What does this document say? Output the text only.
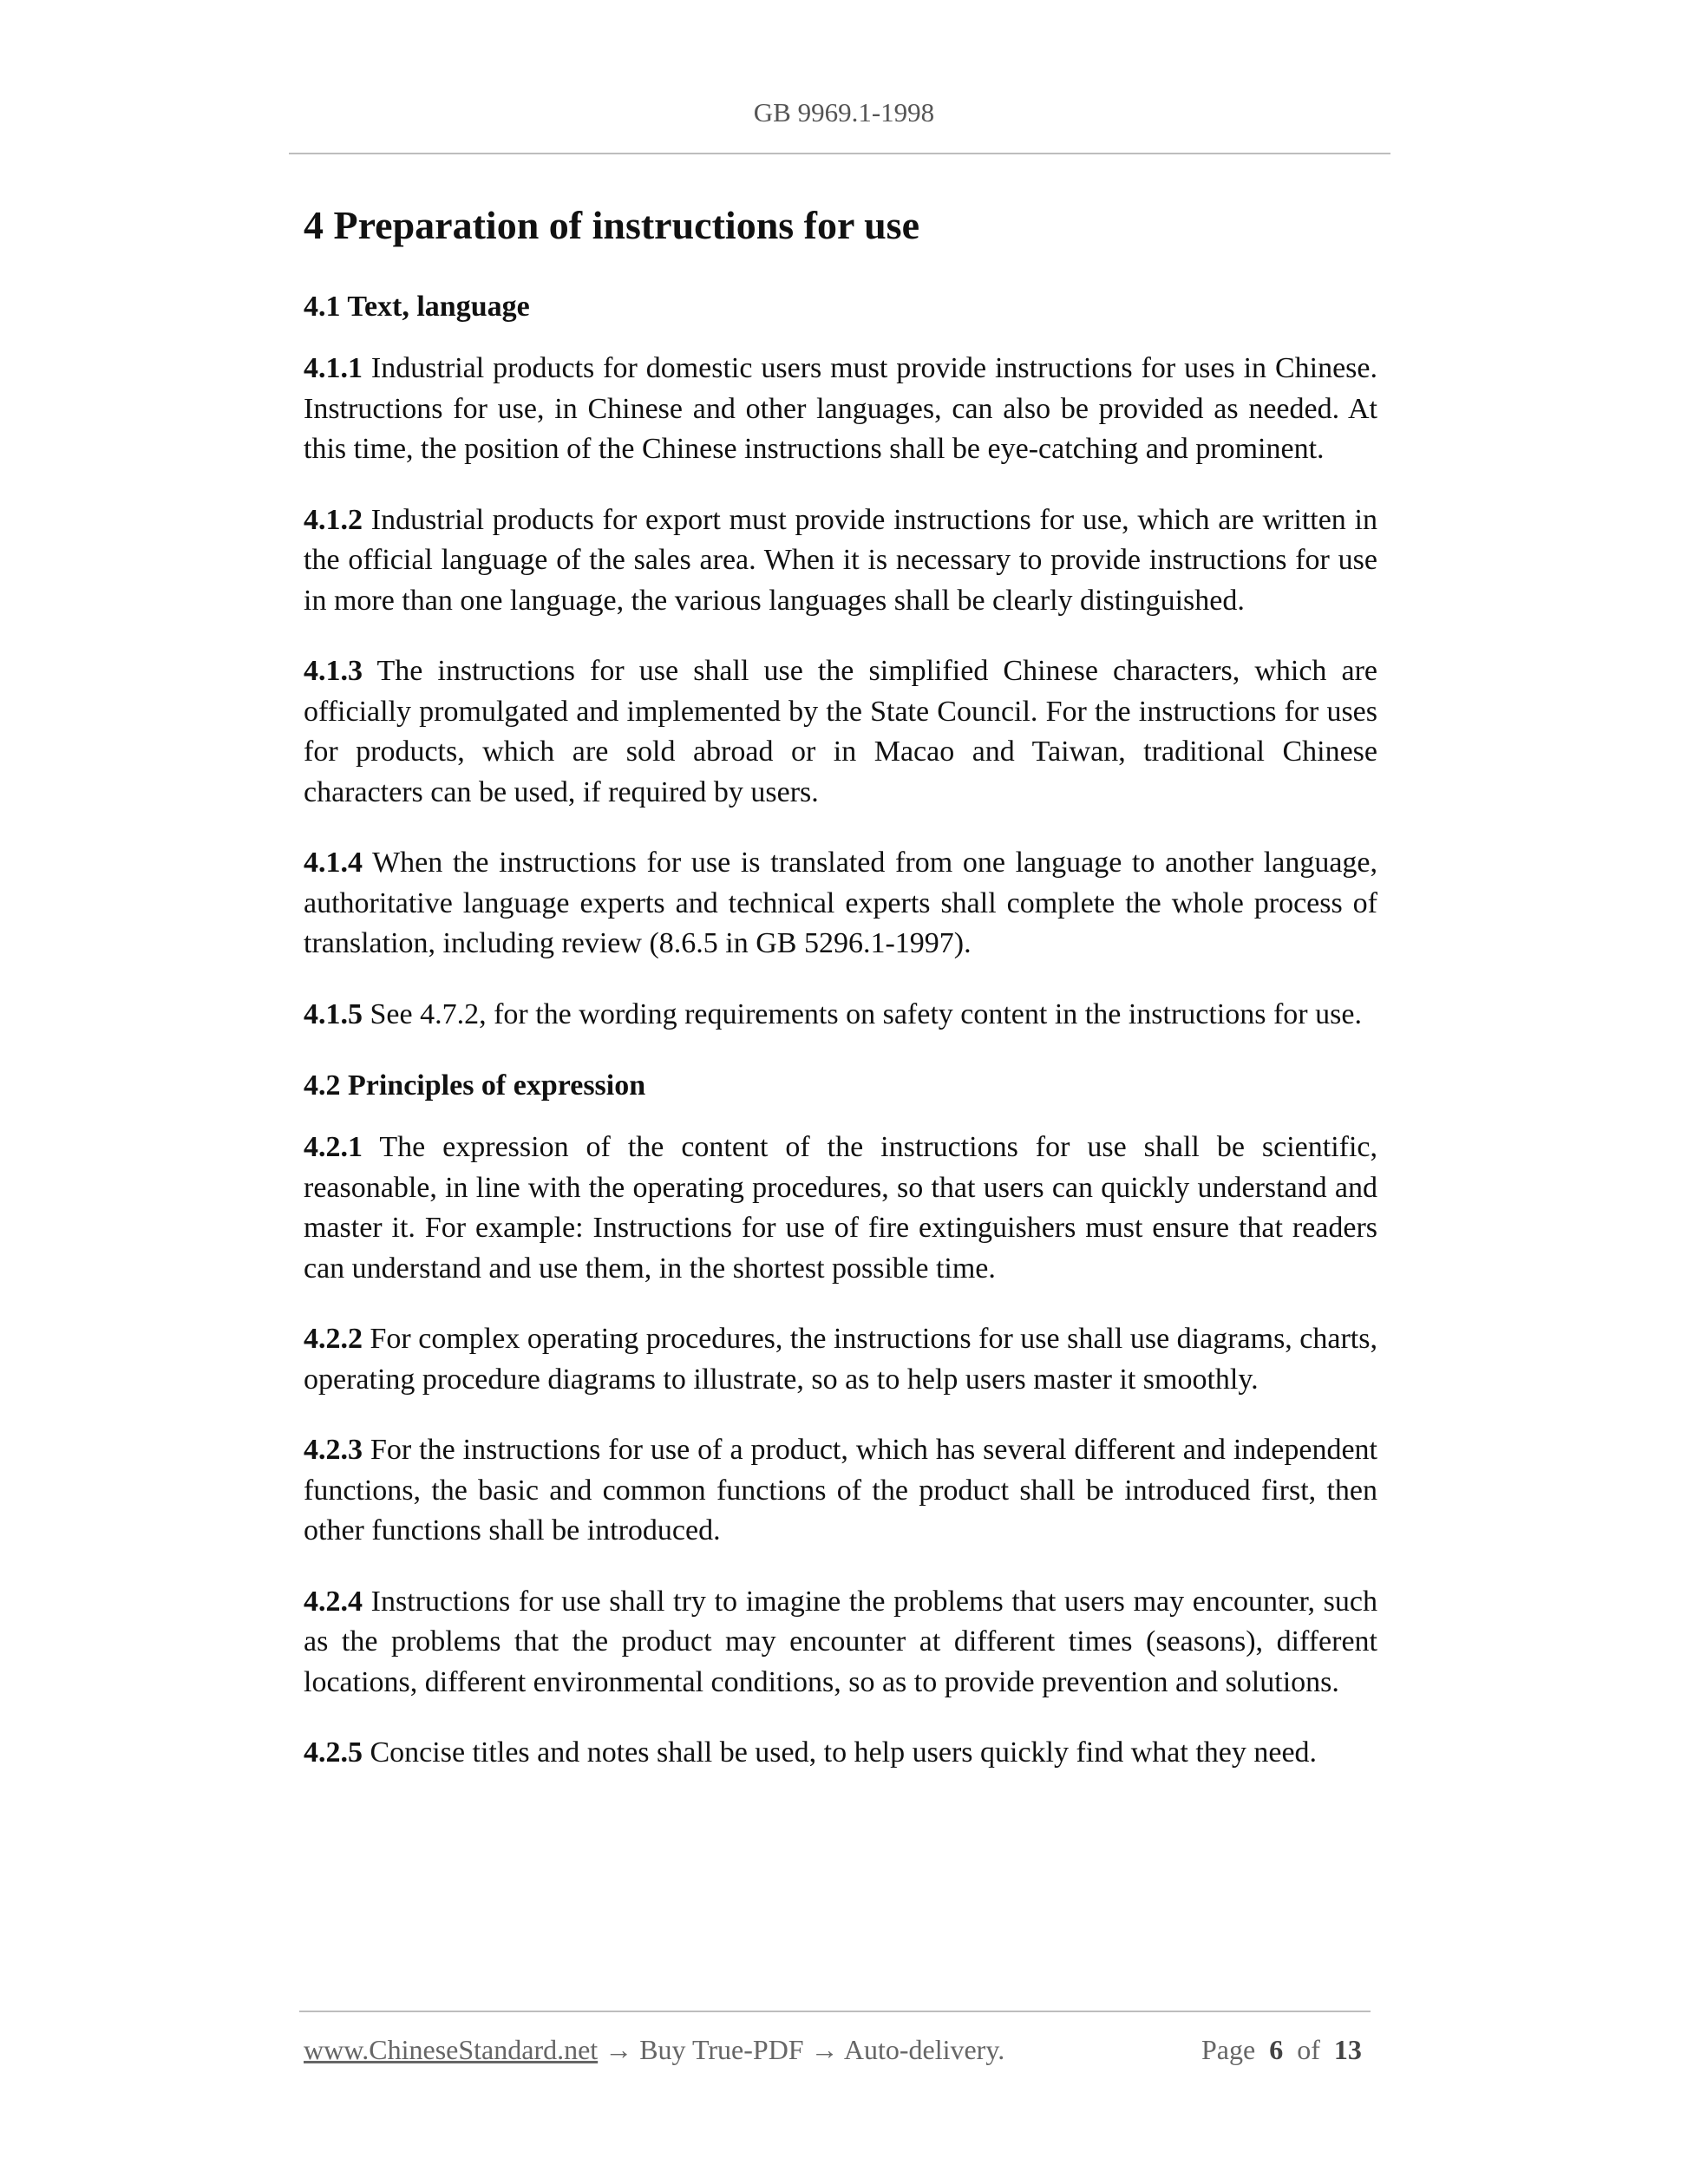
GB 9969.1-1998
4 Preparation of instructions for use
4.1 Text, language

4.1.1 Industrial products for domestic users must provide instructions for uses in Chinese. Instructions for use, in Chinese and other languages, can also be provided as needed. At this time, the position of the Chinese instructions shall be eye-catching and prominent.

4.1.2 Industrial products for export must provide instructions for use, which are written in the official language of the sales area. When it is necessary to provide instructions for use in more than one language, the various languages shall be clearly distinguished.

4.1.3 The instructions for use shall use the simplified Chinese characters, which are officially promulgated and implemented by the State Council. For the instructions for uses for products, which are sold abroad or in Macao and Taiwan, traditional Chinese characters can be used, if required by users.

4.1.4 When the instructions for use is translated from one language to another language, authoritative language experts and technical experts shall complete the whole process of translation, including review (8.6.5 in GB 5296.1-1997).

4.1.5 See 4.7.2, for the wording requirements on safety content in the instructions for use.

4.2 Principles of expression

4.2.1 The expression of the content of the instructions for use shall be scientific, reasonable, in line with the operating procedures, so that users can quickly understand and master it. For example: Instructions for use of fire extinguishers must ensure that readers can understand and use them, in the shortest possible time.

4.2.2 For complex operating procedures, the instructions for use shall use diagrams, charts, operating procedure diagrams to illustrate, so as to help users master it smoothly.

4.2.3 For the instructions for use of a product, which has several different and independent functions, the basic and common functions of the product shall be introduced first, then other functions shall be introduced.

4.2.4 Instructions for use shall try to imagine the problems that users may encounter, such as the problems that the product may encounter at different times (seasons), different locations, different environmental conditions, so as to provide prevention and solutions.

4.2.5 Concise titles and notes shall be used, to help users quickly find what they need.

www.ChineseStandard.net → Buy True-PDF → Auto-delivery.	Page 6 of 13
